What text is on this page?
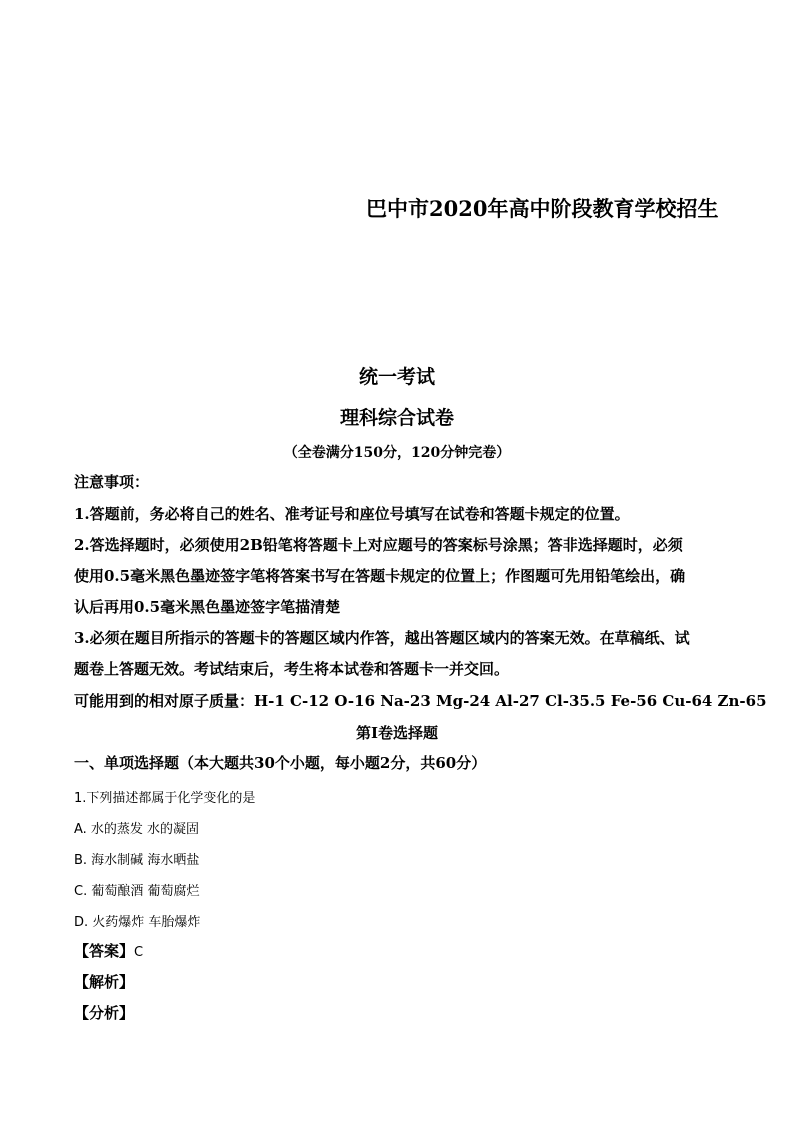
巴中市2020年高中阶段教育学校招生
统一考试
理科综合试卷
（全卷满分150分，120分钟完卷）
注意事项：
1.答题前，务必将自己的姓名、准考证号和座位号填写在试卷和答题卡规定的位置。
2.答选择题时，必须使用2B铅笔将答题卡上对应题号的答案标号涂黑；答非选择题时，必须
使用0.5毫米黑色墨迹签字笔将答案书写在答题卡规定的位置上；作图题可先用铅笔绘出，确
认后再用0.5毫米黑色墨迹签字笔描清楚
3.必须在题目所指示的答题卡的答题区域内作答，越出答题区域内的答案无效。在草稿纸、试
题卷上答题无效。考试结束后，考生将本试卷和答题卡一并交回。
可能用到的相对原子质量：H-1 C-12 O-16 Na-23 Mg-24 Al-27 Cl-35.5 Fe-56 Cu-64 Zn-65
第Ⅰ卷选择题
一、单项选择题（本大题共30个小题，每小题2分，共60分）
1.下列描述都属于化学变化的是
A. 水的蒸发 水的凝固
B. 海水制碱 海水晒盐
C. 葡萄酿酒 葡萄腐烂
D. 火药爆炸 车胎爆炸
【答案】C
【解析】
【分析】
